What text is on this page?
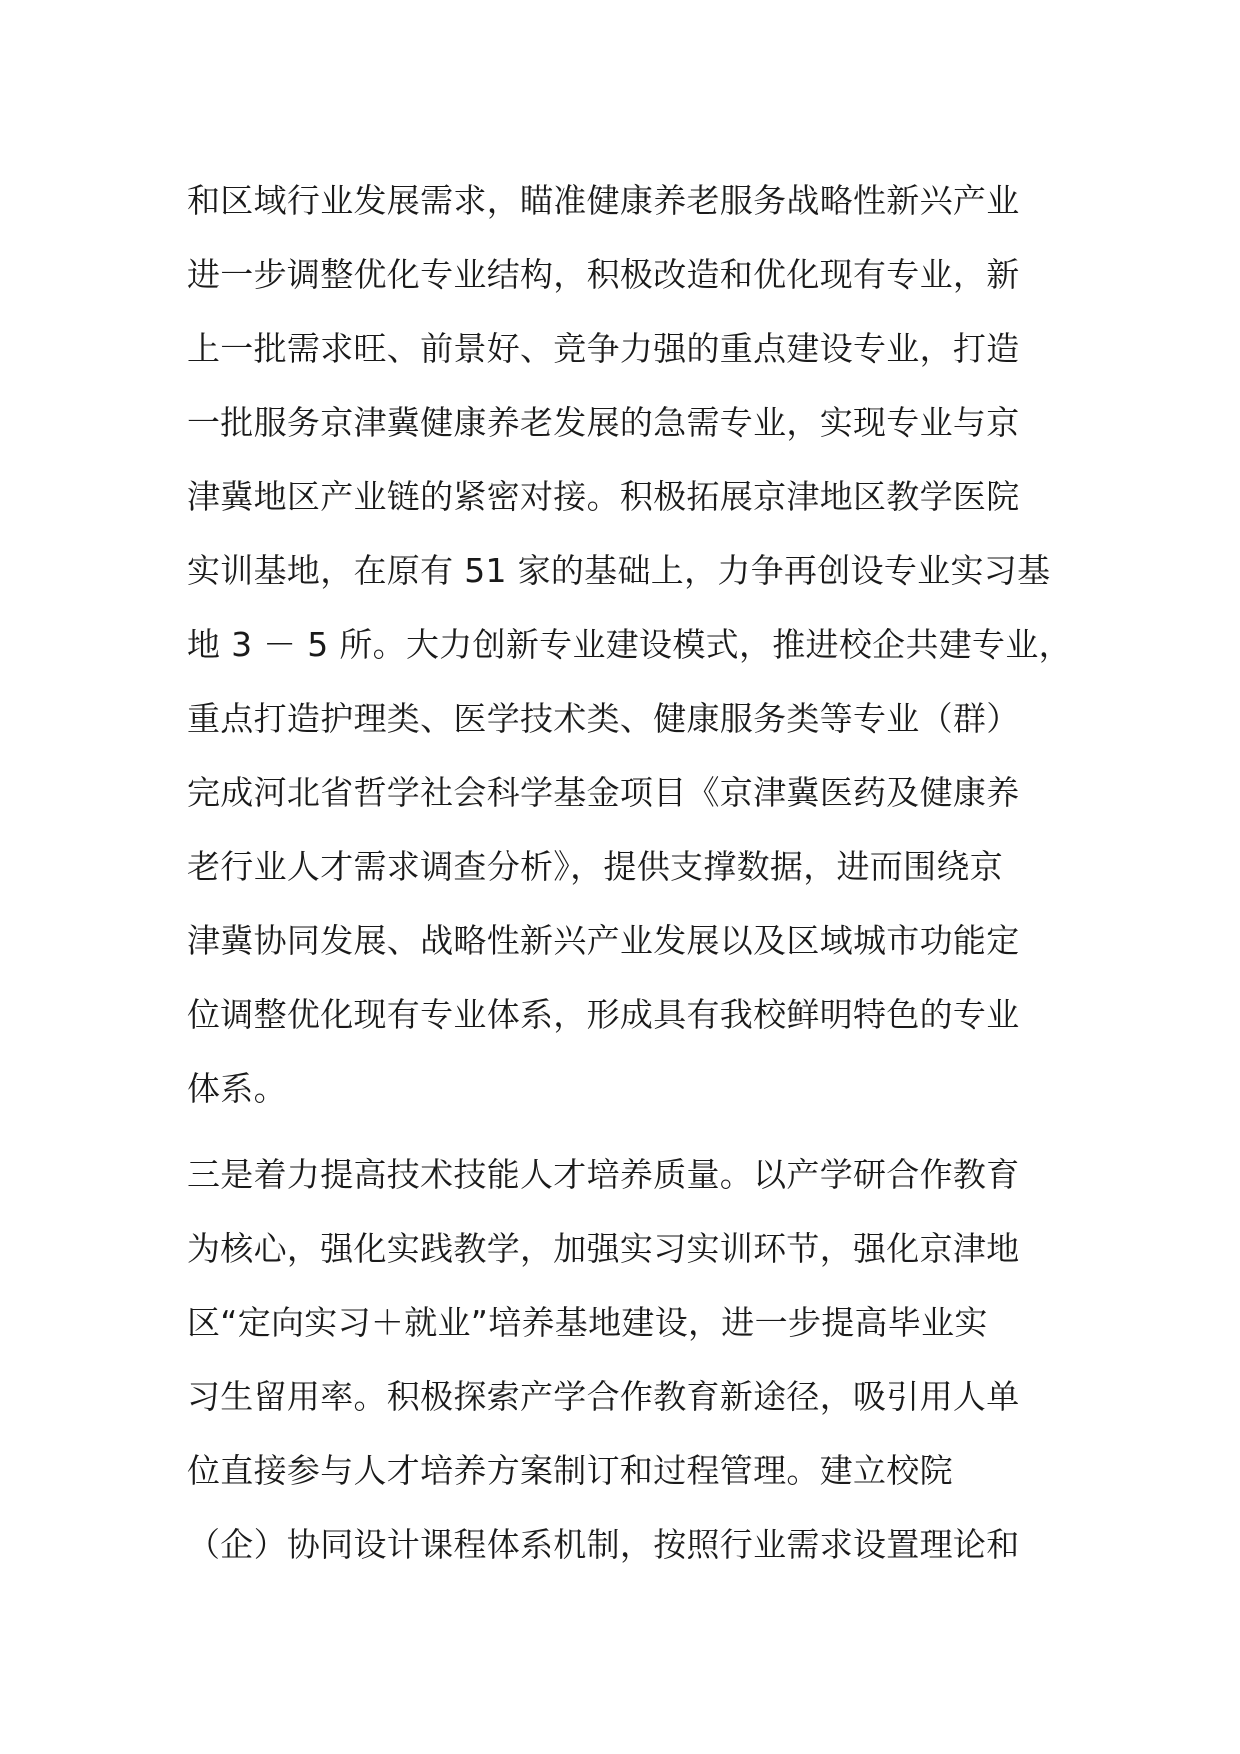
和区域行业发展需求，瞄准健康养老服务战略性新兴产业
进一步调整优化专业结构，积极改造和优化现有专业，新
上一批需求旺、前景好、竞争力强的重点建设专业，打造
一批服务京津冀健康养老发展的急需专业，实现专业与京
津冀地区产业链的紧密对接。积极拓展京津地区教学医院
实训基地，在原有 51 家的基础上，力争再创设专业实习基
地 3 － 5 所。大力创新专业建设模式，推进校企共建专业，
重点打造护理类、医学技术类、健康服务类等专业（群）
完成河北省哲学社会科学基金项目《京津冀医药及健康养
老行业人才需求调查分析》，提供支撑数据，进而围绕京
津冀协同发展、战略性新兴产业发展以及区域城市功能定
位调整优化现有专业体系，形成具有我校鲜明特色的专业
体系。
三是着力提高技术技能人才培养质量。以产学研合作教育
为核心，强化实践教学，加强实习实训环节，强化京津地
区“定向实习＋就业”培养基地建设，进一步提高毕业实
习生留用率。积极探索产学合作教育新途径，吸引用人单
位直接参与人才培养方案制订和过程管理。建立校院
（企）协同设计课程体系机制，按照行业需求设置理论和
